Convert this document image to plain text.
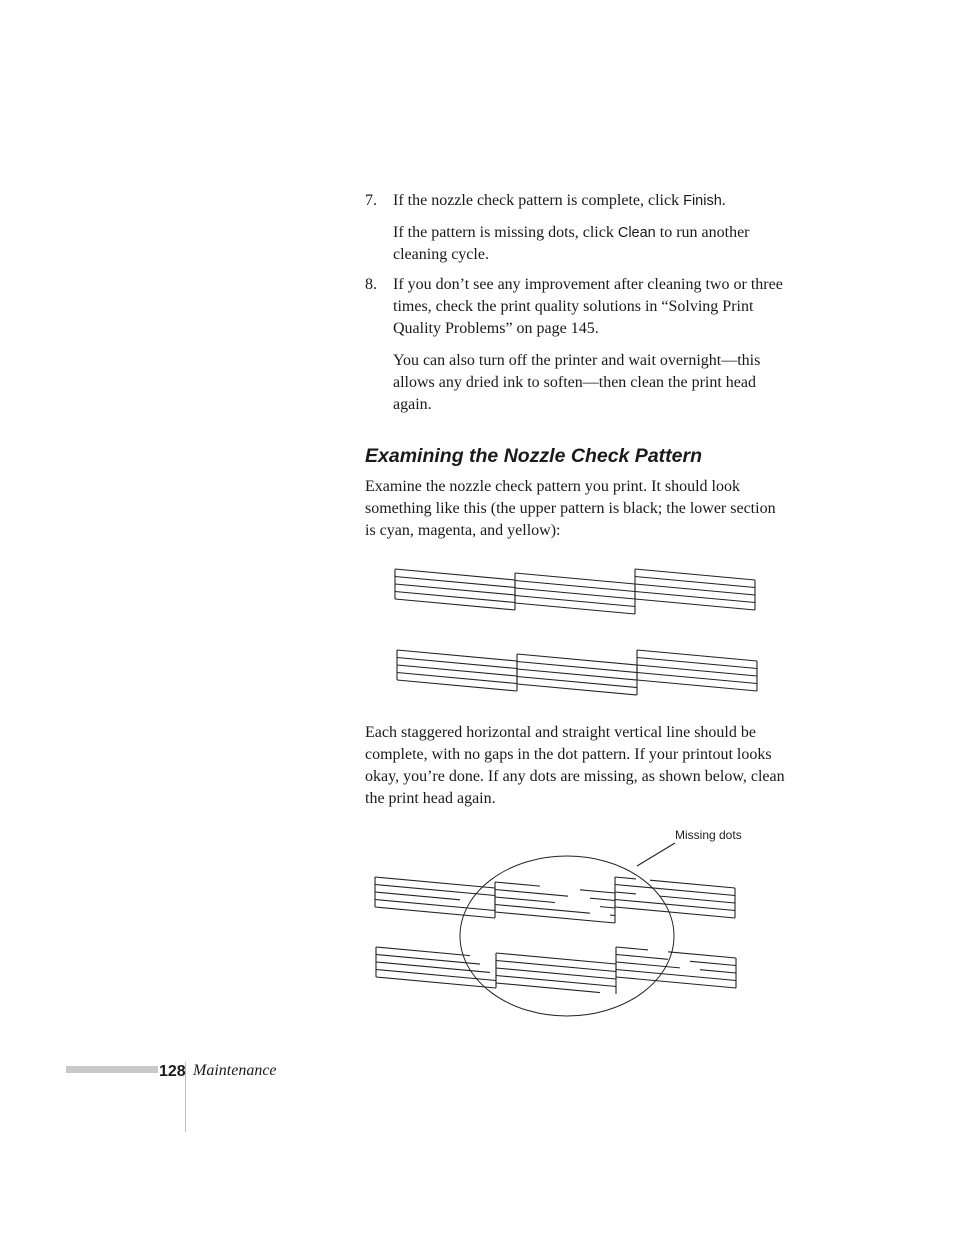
7. If the nozzle check pattern is complete, click Finish.
If the pattern is missing dots, click Clean to run another cleaning cycle.
8. If you don’t see any improvement after cleaning two or three times, check the print quality solutions in “Solving Print Quality Problems” on page 145.
You can also turn off the printer and wait overnight—this allows any dried ink to soften—then clean the print head again.
Examining the Nozzle Check Pattern
Examine the nozzle check pattern you print. It should look something like this (the upper pattern is black; the lower section is cyan, magenta, and yellow):
Each staggered horizontal and straight vertical line should be complete, with no gaps in the dot pattern. If your printout looks okay, you’re done. If any dots are missing, as shown below, clean the print head again.
Missing dots
128 Maintenance
